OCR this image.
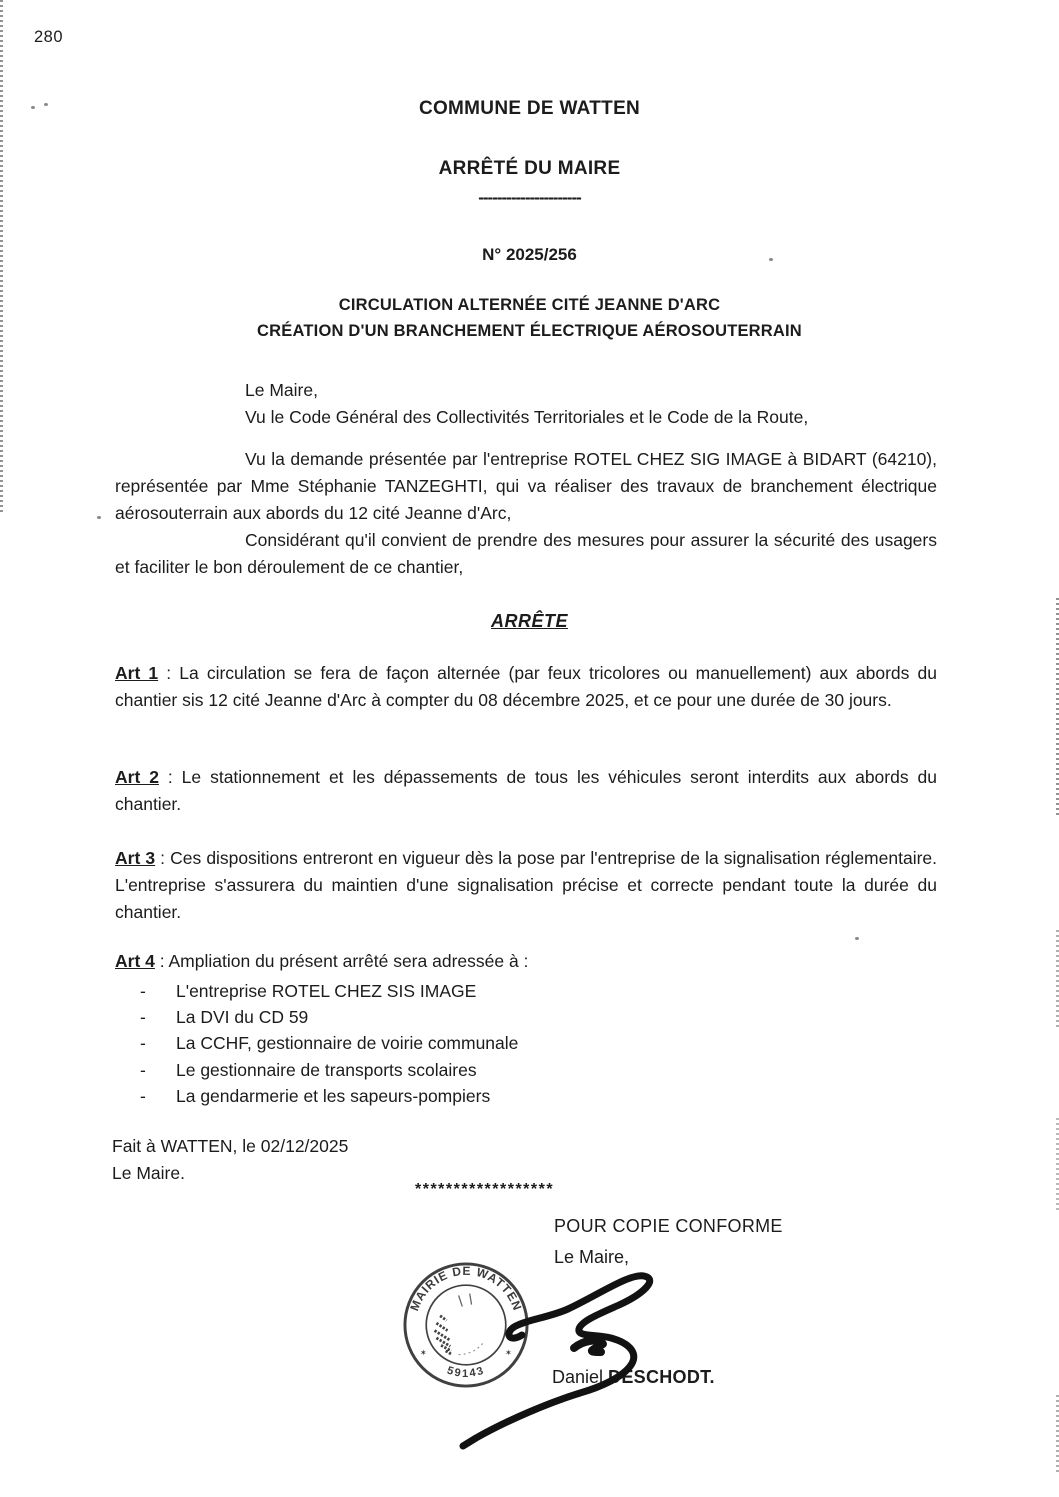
280
COMMUNE DE WATTEN
ARRÊTÉ DU MAIRE
----------------------
N° 2025/256
CIRCULATION ALTERNÉE CITÉ JEANNE D'ARC
CRÉATION D'UN BRANCHEMENT ÉLECTRIQUE AÉROSOUTERRAIN
Le Maire,
Vu le Code Général des Collectivités Territoriales et le Code de la Route,

Vu la demande présentée par l'entreprise ROTEL CHEZ SIG IMAGE à BIDART (64210), représentée par Mme Stéphanie TANZEGHTI, qui va réaliser des travaux de branchement électrique aérosouterrain aux abords du 12 cité Jeanne d'Arc,

Considérant qu'il convient de prendre des mesures pour assurer la sécurité des usagers et faciliter le bon déroulement de ce chantier,

ARRÊTE

Art 1 : La circulation se fera de façon alternée (par feux tricolores ou manuellement) aux abords du chantier sis 12 cité Jeanne d'Arc à compter du 08 décembre 2025, et ce pour une durée de 30 jours.

Art 2 : Le stationnement et les dépassements de tous les véhicules seront interdits aux abords du chantier.

Art 3 : Ces dispositions entreront en vigueur dès la pose par l'entreprise de la signalisation réglementaire. L'entreprise s'assurera du maintien d'une signalisation précise et correcte pendant toute la durée du chantier.

Art 4 : Ampliation du présent arrêté sera adressée à :

-	L'entreprise ROTEL CHEZ SIS IMAGE
-	La DVI du CD 59
-	La CCHF, gestionnaire de voirie communale
-	Le gestionnaire de transports scolaires
-	La gendarmerie et les sapeurs-pompiers
Fait à WATTEN, le 02/12/2025
Le Maire.
******************
POUR COPIE CONFORME
Le Maire,
Daniel DESCHODT.
MAIRIE DE WATTEN
59143
✶	✶
